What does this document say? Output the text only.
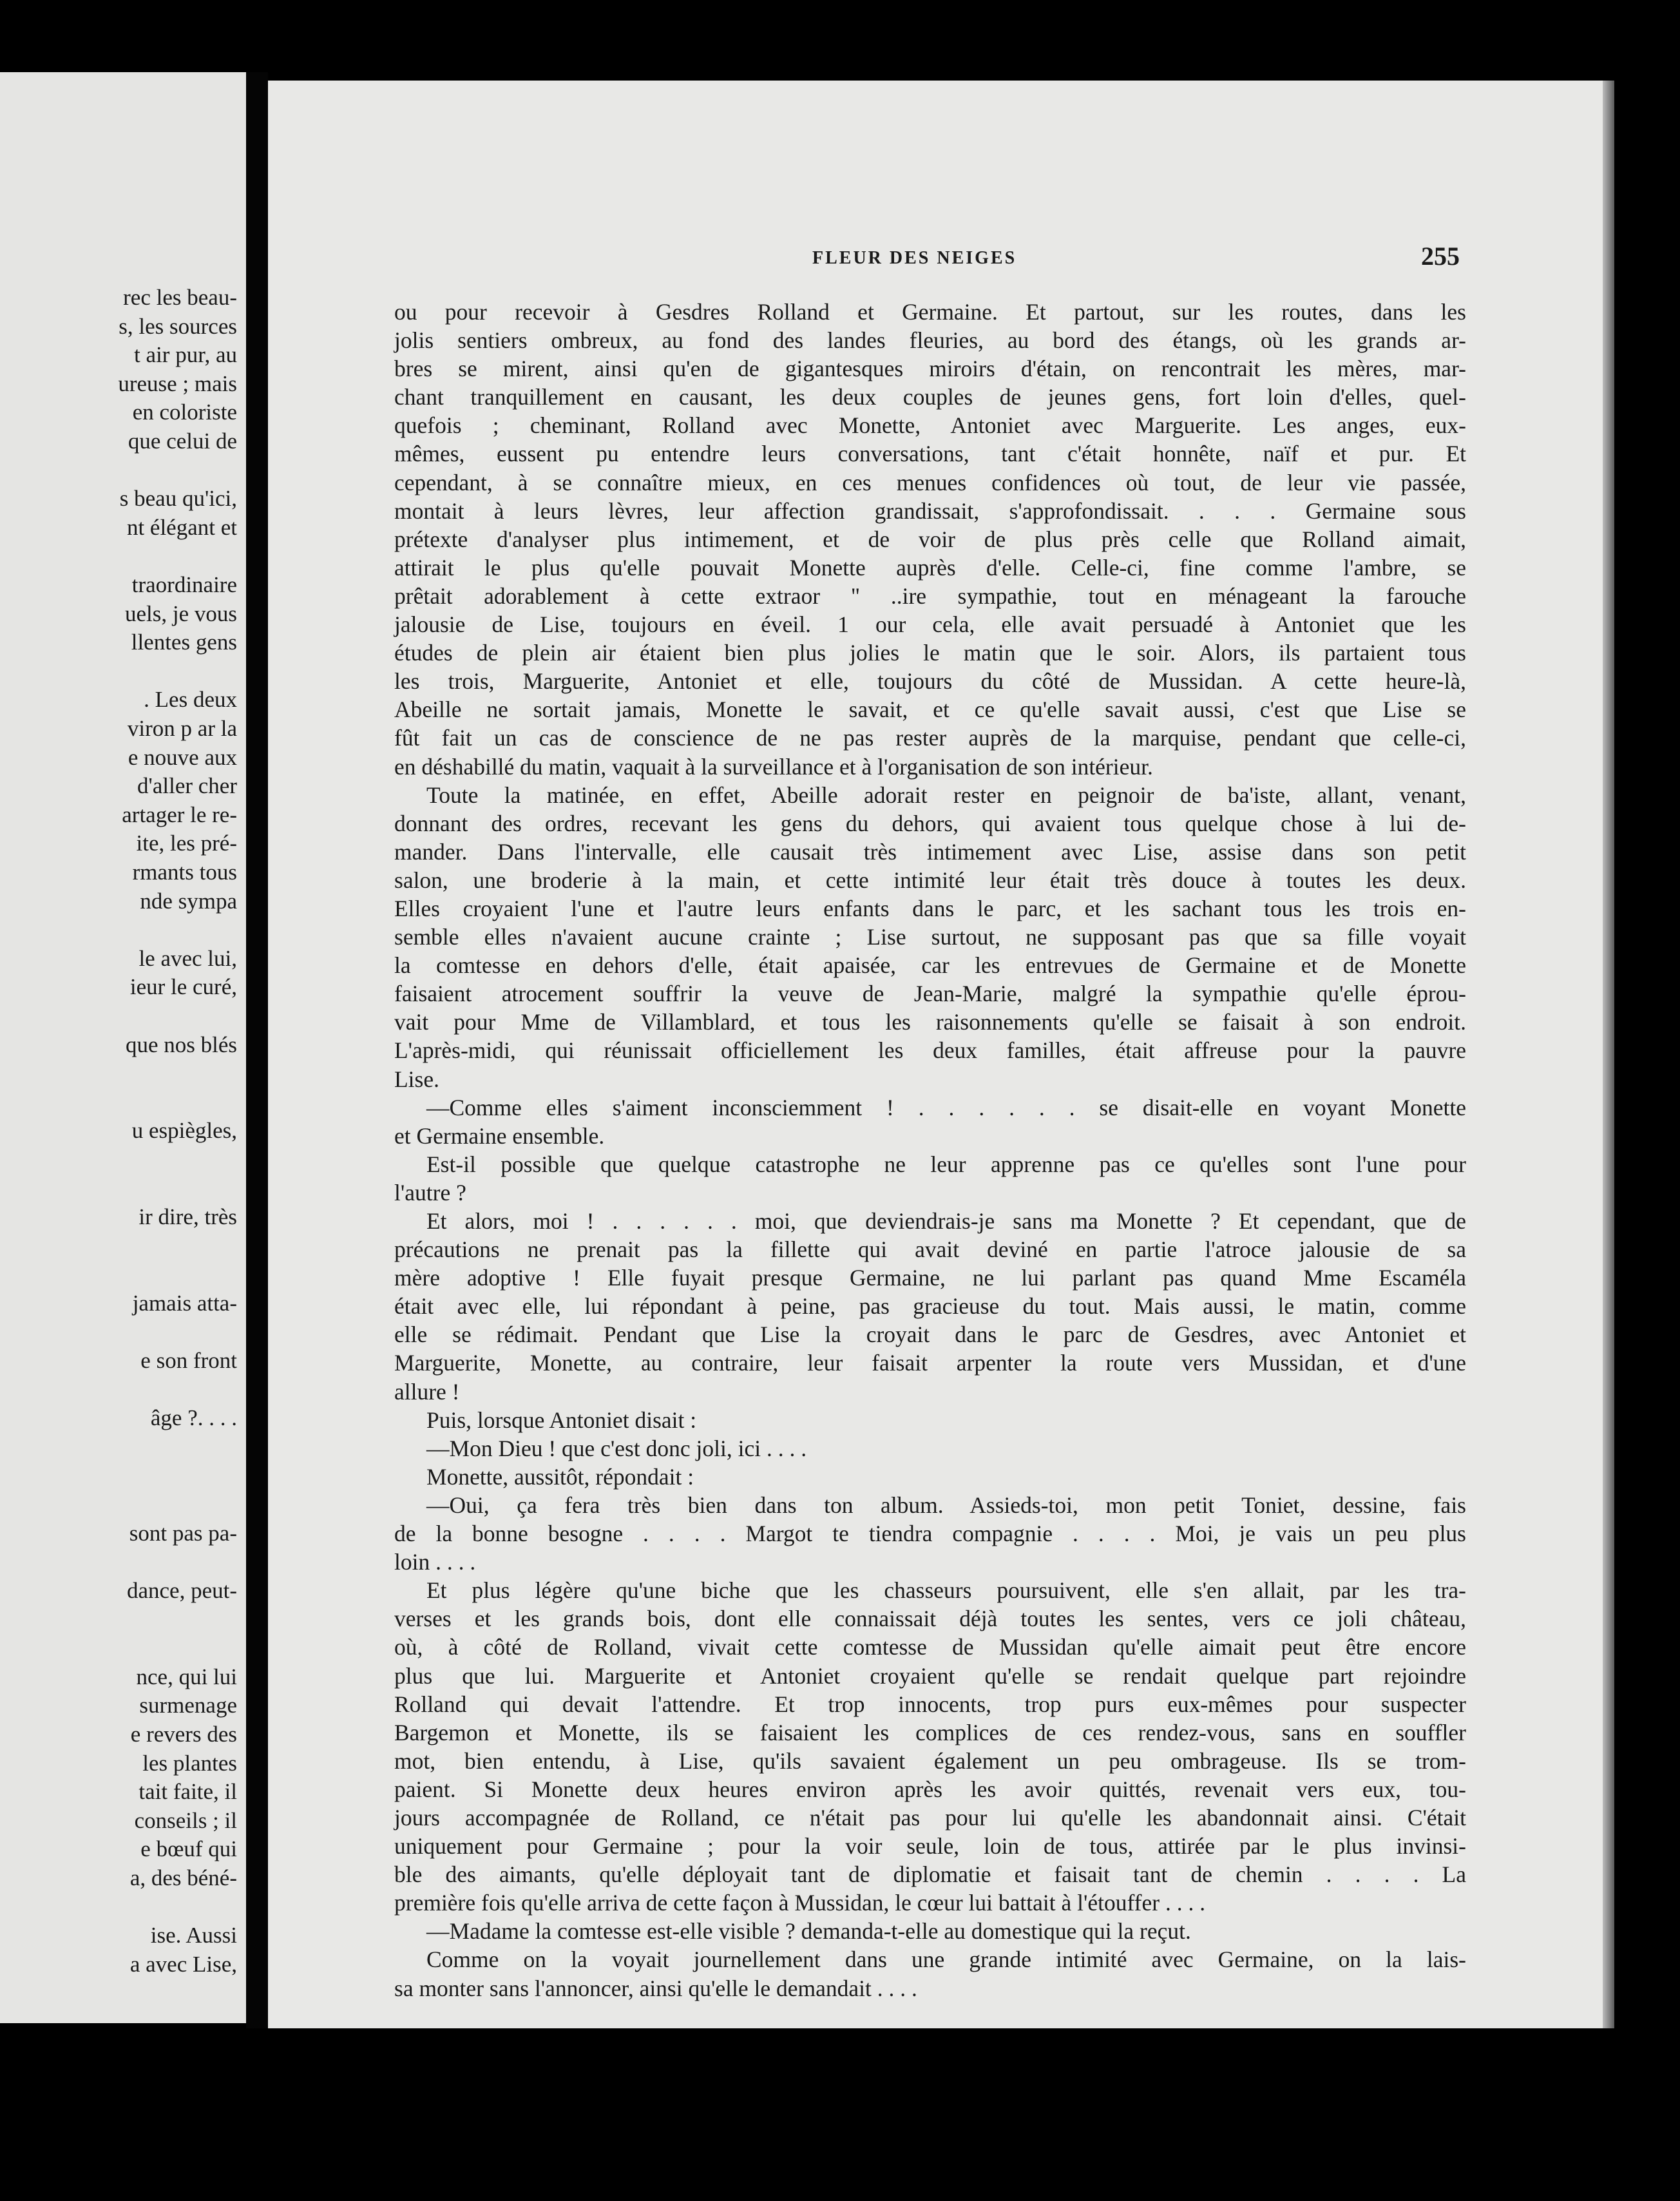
rec les beau-
s, les sources
t air pur, au
ureuse ; mais
en coloriste
que celui de
s beau qu'ici,
nt élégant et
traordinaire
uels, je vous
llentes gens
. Les deux
viron p ar la
e nouve aux
d'aller cher
artager le re-
ite, les pré-
rmants tous
nde sympa
le avec lui,
ieur le curé,
que nos blés
u espiègles,
ir dire, très
jamais atta-
e son front
âge ?. . . .
sont pas pa-
dance, peut-
nce, qui lui
surmenage
e revers des
les plantes
tait faite, il
conseils ; il
e bœuf qui
a, des béné-
ise. Aussi
a avec Lise,
FLEUR DES NEIGES	255
ou pour recevoir à Gesdres Rolland et Germaine. Et partout, sur les routes, dans les
jolis sentiers ombreux, au fond des landes fleuries, au bord des étangs, où les grands ar-
bres se mirent, ainsi qu'en de gigantesques miroirs d'étain, on rencontrait les mères, mar-
chant tranquillement en causant, les deux couples de jeunes gens, fort loin d'elles, quel-
quefois ; cheminant, Rolland avec Monette, Antoniet avec Marguerite. Les anges, eux-
mêmes, eussent pu entendre leurs conversations, tant c'était honnête, naïf et pur. Et
cependant, à se connaître mieux, en ces menues confidences où tout, de leur vie passée,
montait à leurs lèvres, leur affection grandissait, s'approfondissait. . . . Germaine sous
prétexte d'analyser plus intimement, et de voir de plus près celle que Rolland aimait,
attirait le plus qu'elle pouvait Monette auprès d'elle. Celle-ci, fine comme l'ambre, se
prêtait adorablement à cette extraor '' ..ire sympathie, tout en ménageant la farouche
jalousie de Lise, toujours en éveil. 1 our cela, elle avait persuadé à Antoniet que les
études de plein air étaient bien plus jolies le matin que le soir. Alors, ils partaient tous
les trois, Marguerite, Antoniet et elle, toujours du côté de Mussidan. A cette heure-là,
Abeille ne sortait jamais, Monette le savait, et ce qu'elle savait aussi, c'est que Lise se
fût fait un cas de conscience de ne pas rester auprès de la marquise, pendant que celle-ci,
en déshabillé du matin, vaquait à la surveillance et à l'organisation de son intérieur.
Toute la matinée, en effet, Abeille adorait rester en peignoir de ba'iste, allant, venant,
donnant des ordres, recevant les gens du dehors, qui avaient tous quelque chose à lui de-
mander. Dans l'intervalle, elle causait très intimement avec Lise, assise dans son petit
salon, une broderie à la main, et cette intimité leur était très douce à toutes les deux.
Elles croyaient l'une et l'autre leurs enfants dans le parc, et les sachant tous les trois en-
semble elles n'avaient aucune crainte ; Lise surtout, ne supposant pas que sa fille voyait
la comtesse en dehors d'elle, était apaisée, car les entrevues de Germaine et de Monette
faisaient atrocement souffrir la veuve de Jean-Marie, malgré la sympathie qu'elle éprou-
vait pour Mme de Villamblard, et tous les raisonnements qu'elle se faisait à son endroit.
L'après-midi, qui réunissait officiellement les deux familles, était affreuse pour la pauvre
Lise.
—Comme elles s'aiment inconsciemment ! . . . . . . se disait-elle en voyant Monette
et Germaine ensemble.
Est-il possible que quelque catastrophe ne leur apprenne pas ce qu'elles sont l'une pour
l'autre ?
Et alors, moi ! . . . . . . moi, que deviendrais-je sans ma Monette ? Et cependant, que de
précautions ne prenait pas la fillette qui avait deviné en partie l'atroce jalousie de sa
mère adoptive ! Elle fuyait presque Germaine, ne lui parlant pas quand Mme Escaméla
était avec elle, lui répondant à peine, pas gracieuse du tout. Mais aussi, le matin, comme
elle se rédimait. Pendant que Lise la croyait dans le parc de Gesdres, avec Antoniet et
Marguerite, Monette, au contraire, leur faisait arpenter la route vers Mussidan, et d'une
allure !
Puis, lorsque Antoniet disait :
—Mon Dieu ! que c'est donc joli, ici . . . .
Monette, aussitôt, répondait :
—Oui, ça fera très bien dans ton album. Assieds-toi, mon petit Toniet, dessine, fais
de la bonne besogne . . . . Margot te tiendra compagnie . . . . Moi, je vais un peu plus
loin . . . .
Et plus légère qu'une biche que les chasseurs poursuivent, elle s'en allait, par les tra-
verses et les grands bois, dont elle connaissait déjà toutes les sentes, vers ce joli château,
où, à côté de Rolland, vivait cette comtesse de Mussidan qu'elle aimait peut être encore
plus que lui. Marguerite et Antoniet croyaient qu'elle se rendait quelque part rejoindre
Rolland qui devait l'attendre. Et trop innocents, trop purs eux-mêmes pour suspecter
Bargemon et Monette, ils se faisaient les complices de ces rendez-vous, sans en souffler
mot, bien entendu, à Lise, qu'ils savaient également un peu ombrageuse. Ils se trom-
paient. Si Monette deux heures environ après les avoir quittés, revenait vers eux, tou-
jours accompagnée de Rolland, ce n'était pas pour lui qu'elle les abandonnait ainsi. C'était
uniquement pour Germaine ; pour la voir seule, loin de tous, attirée par le plus invinsi-
ble des aimants, qu'elle déployait tant de diplomatie et faisait tant de chemin . . . . La
première fois qu'elle arriva de cette façon à Mussidan, le cœur lui battait à l'étouffer . . . .
—Madame la comtesse est-elle visible ? demanda-t-elle au domestique qui la reçut.
Comme on la voyait journellement dans une grande intimité avec Germaine, on la lais-
sa monter sans l'annoncer, ainsi qu'elle le demandait . . . .
